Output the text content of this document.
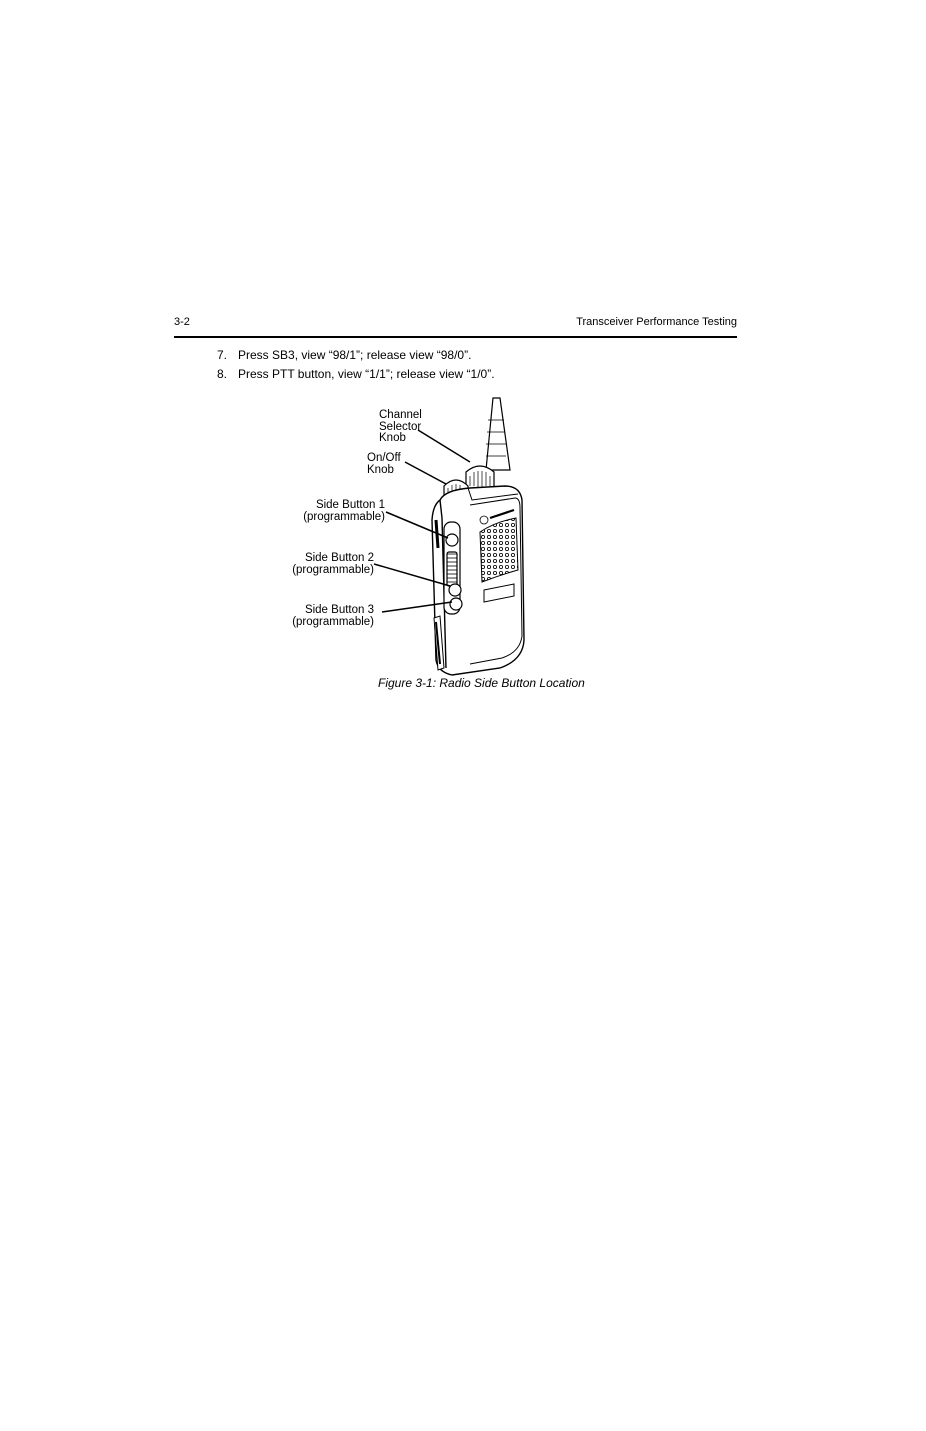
3-2	Transceiver Performance Testing
7. Press SB3, view “98/1”; release view “98/0”.
8. Press PTT button, view “1/1”; release view “1/0”.
Channel
Selector
Knob
On/Off
Knob
Side Button 1
(programmable)
Side Button 2
(programmable)
Side Button 3
(programmable)
Figure 3-1: Radio Side Button Location
